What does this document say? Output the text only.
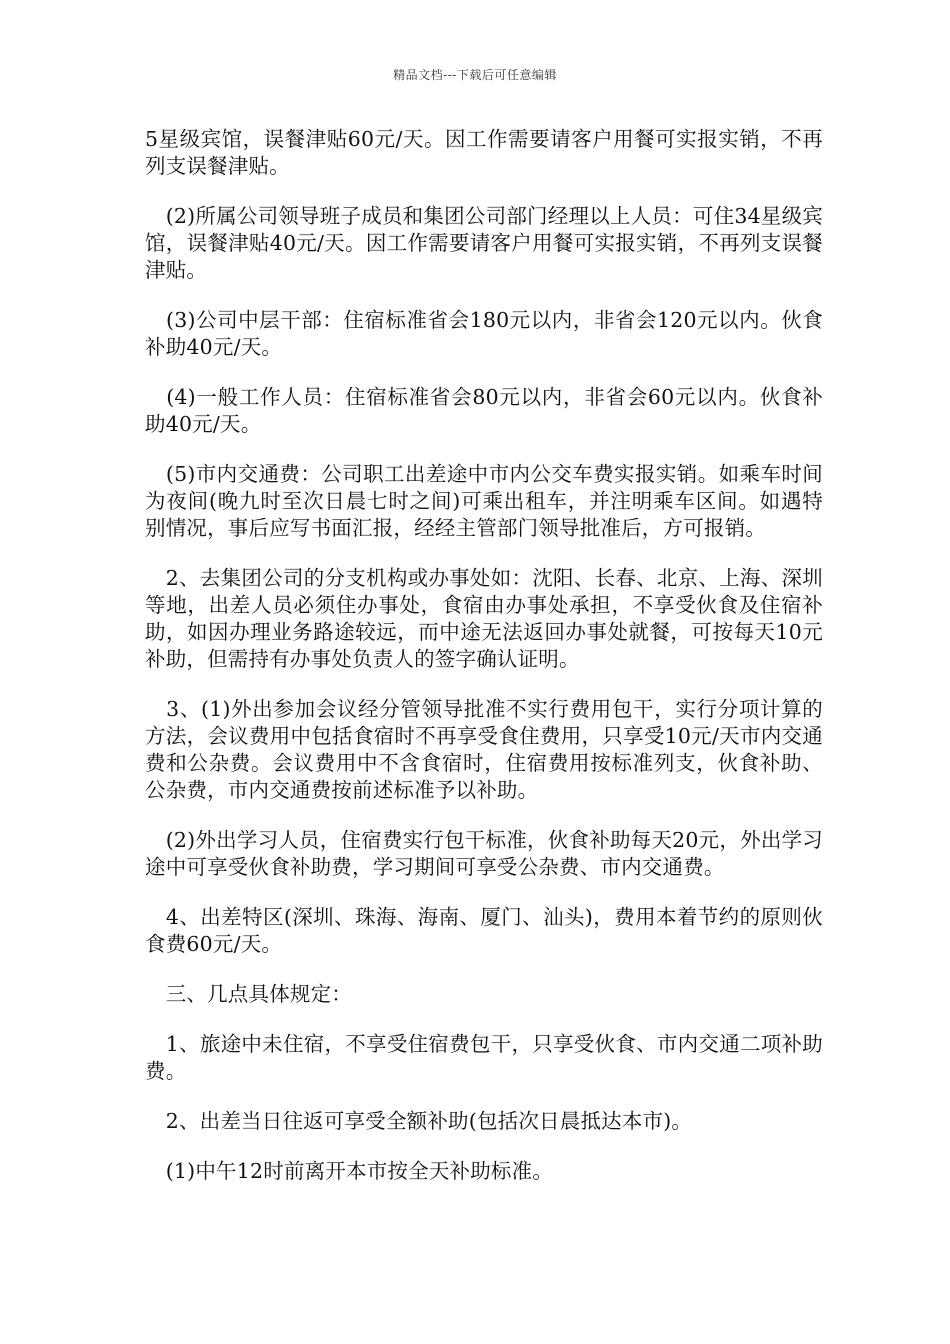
精品文档---下载后可任意编辑

5星级宾馆，误餐津贴60元/天。因工作需要请客户用餐可实报实销，不再列支误餐津贴。

　(2)所属公司领导班子成员和集团公司部门经理以上人员：可住34星级宾馆，误餐津贴40元/天。因工作需要请客户用餐可实报实销，不再列支误餐津贴。

　(3)公司中层干部：住宿标准省会180元以内，非省会120元以内。伙食补助40元/天。

　(4)一般工作人员：住宿标准省会80元以内，非省会60元以内。伙食补助40元/天。

　(5)市内交通费：公司职工出差途中市内公交车费实报实销。如乘车时间为夜间(晚九时至次日晨七时之间)可乘出租车，并注明乘车区间。如遇特别情况，事后应写书面汇报，经经主管部门领导批准后，方可报销。

　2、去集团公司的分支机构或办事处如：沈阳、长春、北京、上海、深圳等地，出差人员必须住办事处，食宿由办事处承担，不享受伙食及住宿补助，如因办理业务路途较远，而中途无法返回办事处就餐，可按每天10元补助，但需持有办事处负责人的签字确认证明。

　3、(1)外出参加会议经分管领导批准不实行费用包干，实行分项计算的方法，会议费用中包括食宿时不再享受食住费用，只享受10元/天市内交通费和公杂费。会议费用中不含食宿时，住宿费用按标准列支，伙食补助、公杂费，市内交通费按前述标准予以补助。

　(2)外出学习人员，住宿费实行包干标准，伙食补助每天20元，外出学习途中可享受伙食补助费，学习期间可享受公杂费、市内交通费。

　4、出差特区(深圳、珠海、海南、厦门、汕头)，费用本着节约的原则伙食费60元/天。

　三、几点具体规定：

　1、旅途中未住宿，不享受住宿费包干，只享受伙食、市内交通二项补助费。

　2、出差当日往返可享受全额补助(包括次日晨抵达本市)。

　(1)中午12时前离开本市按全天补助标准。
